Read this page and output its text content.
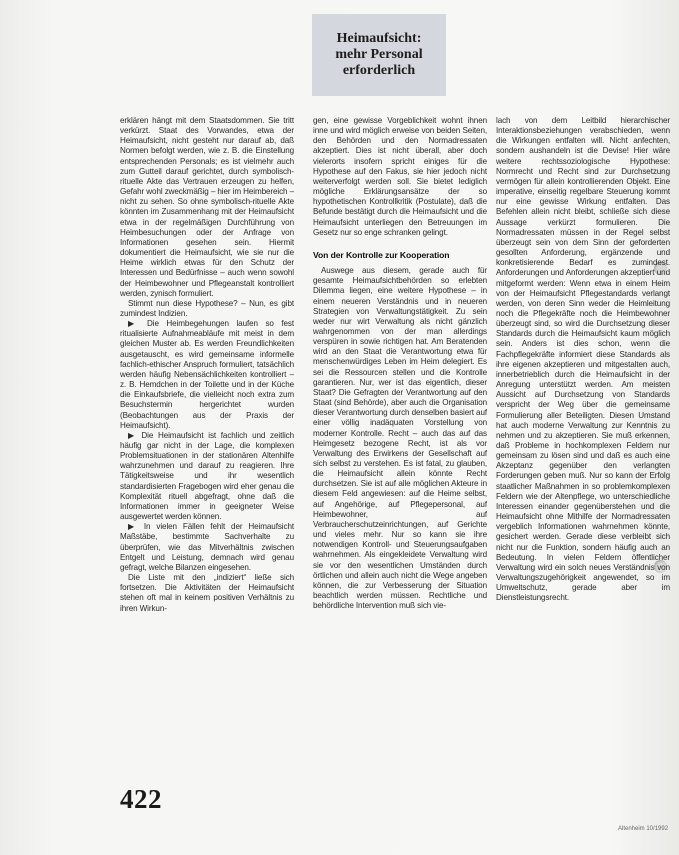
Heimaufsicht:
mehr Personal
erforderlich

erklären hängt mit dem Staatsdommen. Sie tritt verkürzt. Staat des Vorwandes, etwa der Heimaufsicht, nicht gesteht nur darauf ab, daß Normen befolgt werden, wie z. B. die Einstellung entsprechenden Personals; es ist vielmehr auch zum Gutteil darauf gerichtet, durch symbolisch-rituelle Akte das Vertrauen erzeugen zu helfen, Gefahr wohl zweckmäßig – hier im Heimbereich – nicht zu sehen. So ohne symbolisch-rituelle Akte könnten im Zusammenhang mit der Heimaufsicht etwa in der regelmäßigen Durchführung von Heimbesuchungen oder der Anfrage von Informationen gesehen sein. Hiermit dokumentiert die Heimaufsicht, wie sie nur die Heime wirklich etwas für den Schutz der Interessen und Bedürfnisse – auch wenn sowohl der Heimbewohner und Pflegeanstalt kontrolliert werden, zynisch formuliert.

Stimmt nun diese Hypothese? – Nun, es gibt zumindest Indizien.

▶ Die Heimbegehungen laufen so fest ritualisierte Aufnahmeabläufe mit meist in dem gleichen Muster ab. Es werden Freundlichkeiten ausgetauscht, es wird gemeinsame informelle fachlich-ethischer Anspruch formuliert, tatsächlich werden häufig Nebensächlichkeiten kontrolliert – z. B. Hemdchen in der Toilette und in der Küche die Einkaufsbriefe, die vielleicht noch extra zum Besuchstermin hergerichtet wurden (Beobachtungen aus der Praxis der Heimaufsicht).

▶ Die Heimaufsicht ist fachlich und zeitlich häufig gar nicht in der Lage, die komplexen Problemsituationen in der stationären Altenhilfe wahrzunehmen und darauf zu reagieren. Ihre Tätigkeitsweise und ihr wesentlich standardisierten Fragebogen wird eher genau die Komplexität rituell abgefragt, ohne daß die Informationen immer in geeigneter Weise ausgewertet werden können.

▶ In vielen Fällen fehlt der Heimaufsicht Maßstäbe, bestimmte Sachverhalte zu überprüfen, wie das Mitverhältnis zwischen Entgelt und Leistung, demnach wird genau gefragt, welche Bilanzen eingesehen.

Die Liste mit den „indiziert“ ließe sich fortsetzen. Die Aktivitäten der Heimaufsicht stehen oft mal in keinem positiven Verhältnis zu ihren Wirkun-

gen, eine gewisse Vorgeblichkeit wohnt ihnen inne und wird möglich erweise von beiden Seiten, den Behörden und den Normadressaten akzeptiert. Dies ist nicht überall, aber doch vielerorts insofern spricht einiges für die Hypothese auf den Fakus, sie hier jedoch nicht weiterverfolgt werden soll. Sie bietet lediglich mögliche Erklärungsansätze der so hypothetischen Kontrollkritik (Postulate), daß die Befunde bestätigt durch die Heimaufsicht und die Heimaufsicht unterliegen den Betreuungen im Gesetz nur so enge schranken gelingt.

Von der Kontrolle zur Kooperation

Auswege aus diesem, gerade auch für gesamte Heimaufsichtbehörden so erlebten Dilemma liegen, eine weitere Hypothese – in einem neueren Verständnis und in neueren Strategien von Verwaltungstätigkeit. Zu sein weder nur wirt Verwaltung als nicht gänzlich wahrgenommen von der man allerdings verspüren in sowie richtigen hat. Am Beratenden wird an den Staat die Verantwortung etwa für menschenwürdiges Leben im Heim delegiert. Es sei die Ressourcen stellen und die Kontrolle garantieren. Nur, wer ist das eigentlich, dieser Staat? Die Gefragten der Verantwortung auf den Staat (sind Behörde), aber auch die Organisation dieser Verantwortung durch denselben basiert auf einer völlig inadäquaten Vorstellung von moderner Kontrolle. Recht – auch das auf das Heimgesetz bezogene Recht, ist als vor Verwaltung des Erwirkens der Gesellschaft auf sich selbst zu verstehen. Es ist fatal, zu glauben, die Heimaufsicht allein könnte Recht durchsetzen. Sie ist auf alle möglichen Akteure in diesem Feld angewiesen: auf die Heime selbst, auf Angehörige, auf Pflegepersonal, auf Heimbewohner, auf Verbraucherschutzeinrichtungen, auf Gerichte und vieles mehr. Nur so kann sie ihre notwendigen Kontroll- und Steuerungsaufgaben wahrnehmen. Als eingekleidete Verwaltung wird sie vor den wesentlichen Umständen durch örtlichen und allein auch nicht die Wege angeben können, die zur Verbesserung der Situation beachtlich werden müssen. Rechtliche und behördliche Intervention muß sich vie-

lach von dem Leitbild hierarchischer Interaktionsbeziehungen verabschieden, wenn die Wirkungen entfalten will. Nicht anfechten, sondern aushandeln ist die Devise! Hier wäre weitere rechtssoziologische Hypothese: Normrecht und Recht sind zur Durchsetzung vermögen für allein kontrollierenden Objekt. Eine imperative, einseitig regelbare Steuerung kommt nur eine gewisse Wirkung entfalten. Das Befehlen allein nicht bleibt, schließe sich diese Aussage verkürzt formulieren. Die Normadressaten müssen in der Regel selbst überzeugt sein von dem Sinn der geforderten gesollten Anforderung, ergänzende und konkretisierende Bedarf es zumindest. Anforderungen und Anforderungen akzeptiert und mitgeformt werden: Wenn etwa in einem Heim von der Heimaufsicht Pflegestandards verlangt werden, von deren Sinn weder die Heimleitung noch die Pflegekräfte noch die Heimbewohner überzeugt sind, so wird die Durchsetzung dieser Standards durch die Heimaufsicht kaum möglich sein. Anders ist dies schon, wenn die Fachpflegekräfte informiert diese Standards als ihre eigenen akzeptieren und mitgestalten auch, innerbetrieblich durch die Heimaufsicht in der Anregung unterstützt werden. Am meisten Aussicht auf Durchsetzung von Standards verspricht der Weg über die gemeinsame Formulierung aller Beteiligten. Diesen Umstand hat auch moderne Verwaltung zur Kenntnis zu nehmen und zu akzeptieren. Sie muß erkennen, daß Probleme in hochkomplexen Feldern nur gemeinsam zu lösen sind und daß es auch eine Akzeptanz gegenüber den verlangten Forderungen geben muß. Nur so kann der Erfolg staatlicher Maßnahmen in so problemkomplexen Feldern wie der Altenpflege, wo unterschiedliche Interessen einander gegenüberstehen und die Heimaufsicht ohne Mithilfe der Normadressaten vergeblich Informationen wahrnehmen könnte, gesichert werden. Gerade diese verbleibt sich nicht nur die Funktion, sondern häufig auch an Bedeutung. In vielen Feldern öffentlicher Verwaltung wird ein solch neues Verständnis von Verwaltungszugehörigkeit angewendet, so im Umweltschutz, gerade aber im Dienstleistungsrecht.

422
Altenheim 10/1992
